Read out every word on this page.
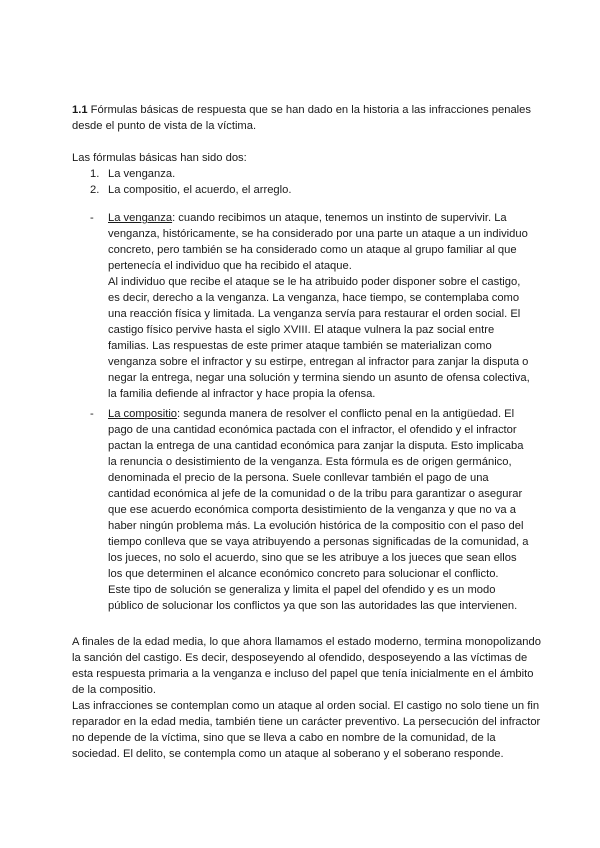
1.1 Fórmulas básicas de respuesta que se han dado en la historia a las infracciones penales desde el punto de vista de la víctima.

Las fórmulas básicas han sido dos:

1. La venganza.
2. La compositio, el acuerdo, el arreglo.
-	La venganza: cuando recibimos un ataque, tenemos un instinto de supervivir. La venganza, históricamente, se ha considerado por una parte un ataque a un individuo concreto, pero también se ha considerado como un ataque al grupo familiar al que pertenecía el individuo que ha recibido el ataque.

Al individuo que recibe el ataque se le ha atribuido poder disponer sobre el castigo, es decir, derecho a la venganza. La venganza, hace tiempo, se contemplaba como una reacción física y limitada. La venganza servía para restaurar el orden social. El castigo físico pervive hasta el siglo XVIII. El ataque vulnera la paz social entre familias. Las respuestas de este primer ataque también se materializan como venganza sobre el infractor y su estirpe, entregan al infractor para zanjar la disputa o negar la entrega, negar una solución y termina siendo un asunto de ofensa colectiva, la familia defiende al infractor y hace propia la ofensa.

-	La compositio: segunda manera de resolver el conflicto penal en la antigüedad. El pago de una cantidad económica pactada con el infractor, el ofendido y el infractor pactan la entrega de una cantidad económica para zanjar la disputa. Esto implicaba la renuncia o desistimiento de la venganza. Esta fórmula es de origen germánico, denominada el precio de la persona. Suele conllevar también el pago de una cantidad económica al jefe de la comunidad o de la tribu para garantizar o asegurar que ese acuerdo económica comporta desistimiento de la venganza y que no va a haber ningún problema más. La evolución histórica de la compositio con el paso del tiempo conlleva que se vaya atribuyendo a personas significadas de la comunidad, a los jueces, no solo el acuerdo, sino que se les atribuye a los jueces que sean ellos los que determinen el alcance económico concreto para solucionar el conflicto.

Este tipo de solución se generaliza y limita el papel del ofendido y es un modo público de solucionar los conflictos ya que son las autoridades las que intervienen.

A finales de la edad media, lo que ahora llamamos el estado moderno, termina monopolizando la sanción del castigo. Es decir, desposeyendo al ofendido, desposeyendo a las víctimas de esta respuesta primaria a la venganza e incluso del papel que tenía inicialmente en el ámbito de la compositio.

Las infracciones se contemplan como un ataque al orden social. El castigo no solo tiene un fin reparador en la edad media, también tiene un carácter preventivo. La persecución del infractor no depende de la víctima, sino que se lleva a cabo en nombre de la comunidad, de la sociedad. El delito, se contempla como un ataque al soberano y el soberano responde.
